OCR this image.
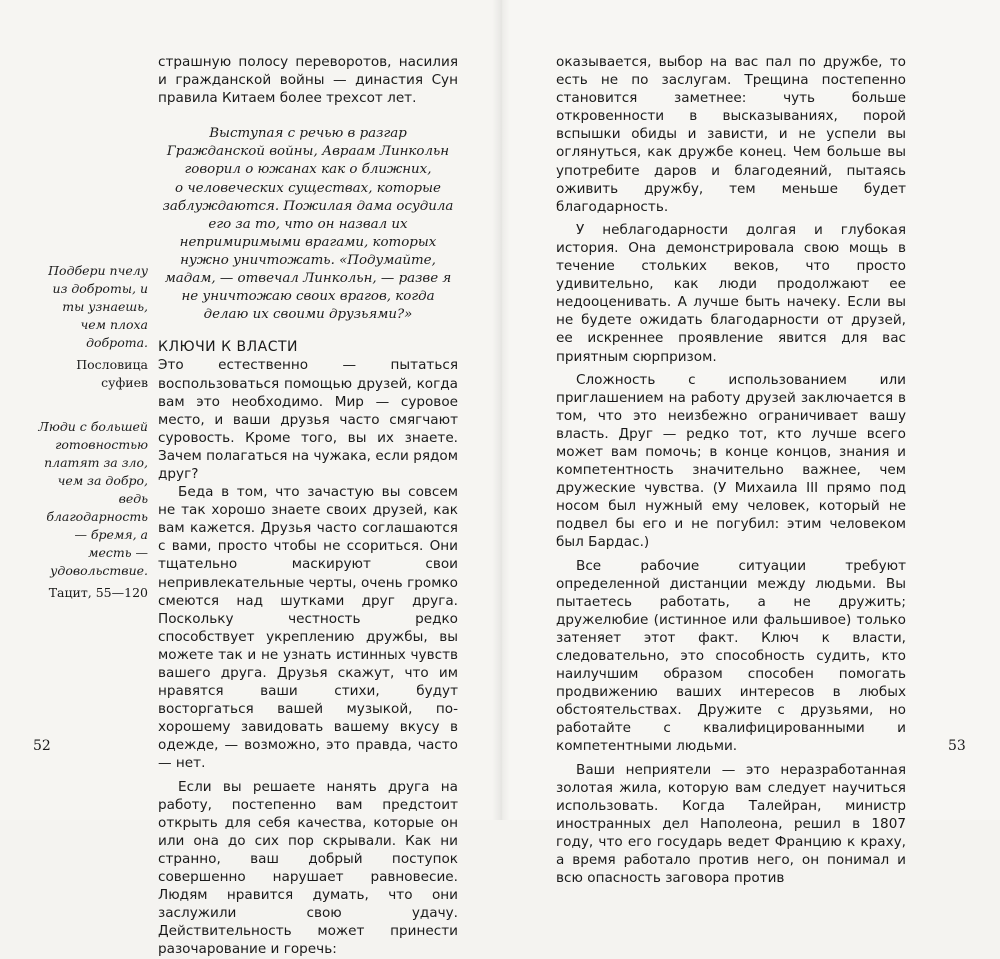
страшную полосу переворотов, насилия и гражданской войны — династия Сун правила Китаем более трехсот лет.

Выступая с речью в разгар Гражданской войны, Авраам Линкольн говорил о южанах как о ближних,
о человеческих существах, которые заблуждаются. Пожилая дама осудила его за то, что он назвал их непримиримыми врагами, которых нужно уничтожать. «Подумайте, мадам, — отвечал Линкольн, — разве я не уничтожаю своих врагов, когда делаю их своими друзьями?»
КЛЮЧИ К ВЛАСТИ

Это естественно — пытаться воспользоваться помощью друзей, когда вам это необходимо. Мир — суровое место, и ваши друзья часто смягчают суровость. Кроме того, вы их знаете. Зачем полагаться на чужака, если рядом друг?

Беда в том, что зачастую вы совсем не так хорошо знаете своих друзей, как вам кажется. Друзья часто соглашаются с вами, просто чтобы не ссориться. Они тщательно маскируют свои непривлекательные черты, очень громко смеются над шутками друг друга. Поскольку честность редко способствует укреплению дружбы, вы можете так и не узнать истинных чувств вашего друга. Друзья скажут, что им нравятся ваши стихи, будут восторгаться вашей музыкой, по-хорошему завидовать вашему вкусу в одежде, — возможно, это правда, часто — нет.

Если вы решаете нанять друга на работу, постепенно вам предстоит открыть для себя качества, которые он или она до сих пор скрывали. Как ни странно, ваш добрый поступок совершенно нарушает равновесие. Людям нравится думать, что они заслужили свою удачу. Действительность может принести разочарование и горечь:

Подбери пчелу из доброты, и ты узнаешь, чем плоха доброта.
Пословица суфиев
Люди с большей готовностью платят за зло, чем за добро, ведь благодарность — бремя, а месть — удовольствие.
Тацит, 55—120
52

оказывается, выбор на вас пал по дружбе, то есть не по заслугам. Трещина постепенно становится заметнее: чуть больше откровенности в высказываниях, порой вспышки обиды и зависти, и не успели вы оглянуться, как дружбе конец. Чем больше вы употребите даров и благодеяний, пытаясь оживить дружбу, тем меньше будет благодарность.

У неблагодарности долгая и глубокая история. Она демонстрировала свою мощь в течение стольких веков, что просто удивительно, как люди продолжают ее недооценивать. А лучше быть начеку. Если вы не будете ожидать благодарности от друзей, ее искреннее проявление явится для вас приятным сюрпризом.

Сложность с использованием или приглашением на работу друзей заключается в том, что это неизбежно ограничивает вашу власть. Друг — редко тот, кто лучше всего может вам помочь; в конце концов, знания и компетентность значительно важнее, чем дружеские чувства. (У Михаила III прямо под носом был нужный ему человек, который не подвел бы его и не погубил: этим человеком был Бардас.)

Все рабочие ситуации требуют определенной дистанции между людьми. Вы пытаетесь работать, а не дружить; дружелюбие (истинное или фальшивое) только затеняет этот факт. Ключ к власти, следовательно, это способность судить, кто наилучшим образом способен помогать продвижению ваших интересов в любых обстоятельствах. Дружите с друзьями, но работайте с квалифицированными и компетентными людьми.

Ваши неприятели — это неразработанная золотая жила, которую вам следует научиться использовать. Когда Талейран, министр иностранных дел Наполеона, решил в 1807 году, что его государь ведет Францию к краху, а время работало против него, он понимал и всю опасность заговора против

53
